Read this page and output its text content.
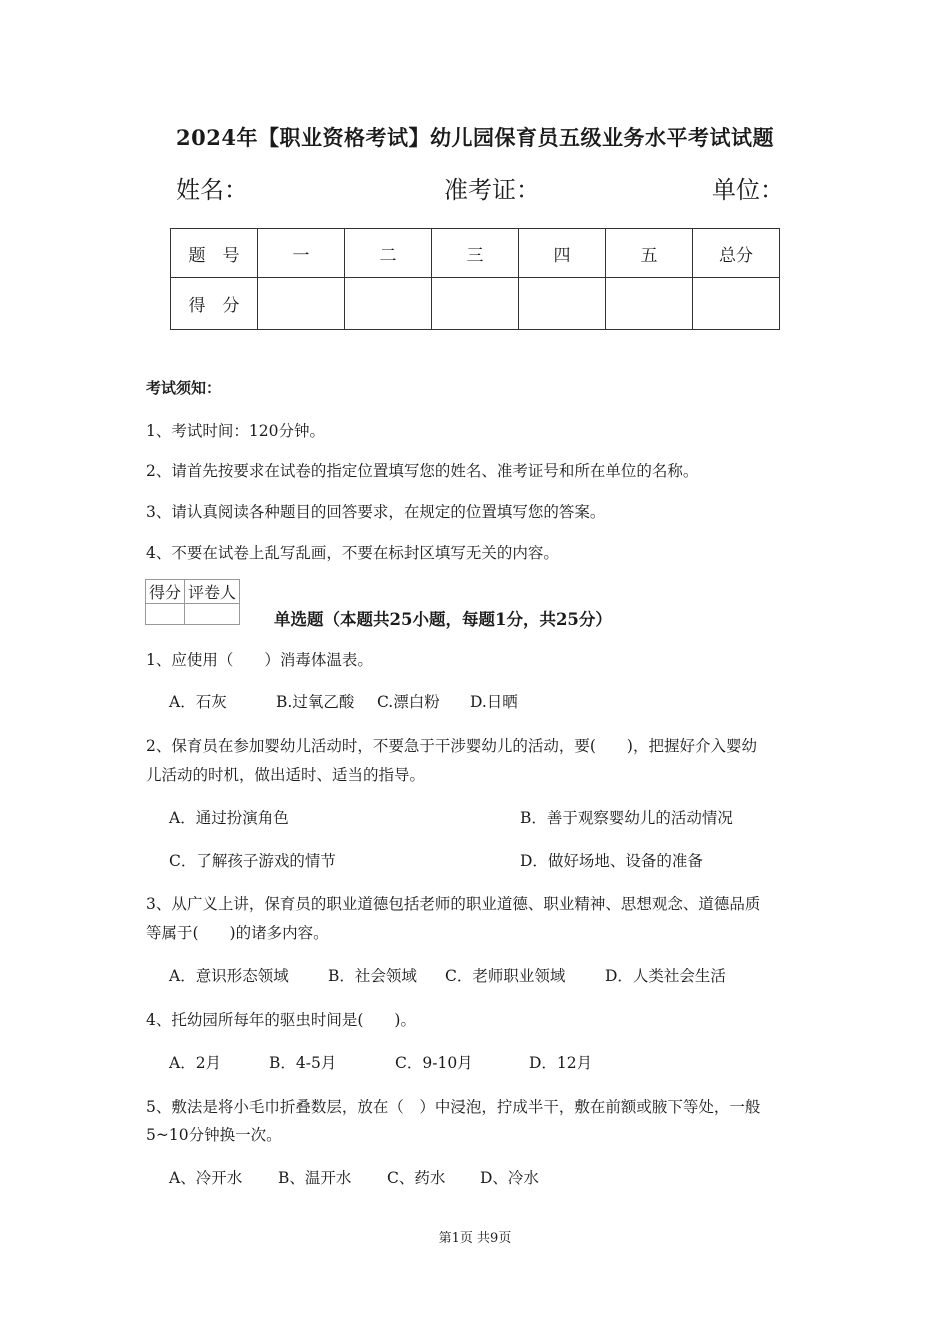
2024年【职业资格考试】幼儿园保育员五级业务水平考试试题
姓名：	准考证：	单位：
题　号	一	二	三	四	五	总分
得　分						
考试须知：
1、考试时间：120分钟。
2、请首先按要求在试卷的指定位置填写您的姓名、准考证号和所在单位的名称。
3、请认真阅读各种题目的回答要求，在规定的位置填写您的答案。
4、不要在试卷上乱写乱画，不要在标封区填写无关的内容。
得分	评卷人

单选题（本题共25小题，每题1分，共25分）
1、应使用（　　）消毒体温表。
A．石灰	B.过氧乙酸 C.漂白粉 D.日晒
2、保育员在参加婴幼儿活动时，不要急于干涉婴幼儿的活动，要(　　)，把握好介入婴幼
儿活动的时机，做出适时、适当的指导。
A．通过扮演角色	B．善于观察婴幼儿的活动情况
C．了解孩子游戏的情节	D．做好场地、设备的准备
3、从广义上讲，保育员的职业道德包括老师的职业道德、职业精神、思想观念、道德品质
等属于(　　)的诸多内容。
A．意识形态领域	B．社会领域 C．老师职业领域	D．人类社会生活
4、托幼园所每年的驱虫时间是(　　)。
A．2月	B．4-5月	C．9-10月	D．12月
5、敷法是将小毛巾折叠数层，放在（　）中浸泡，拧成半干，敷在前额或腋下等处，一般
5~10分钟换一次。
A、冷开水 B、温开水 C、药水 D、冷水
第1页 共9页
